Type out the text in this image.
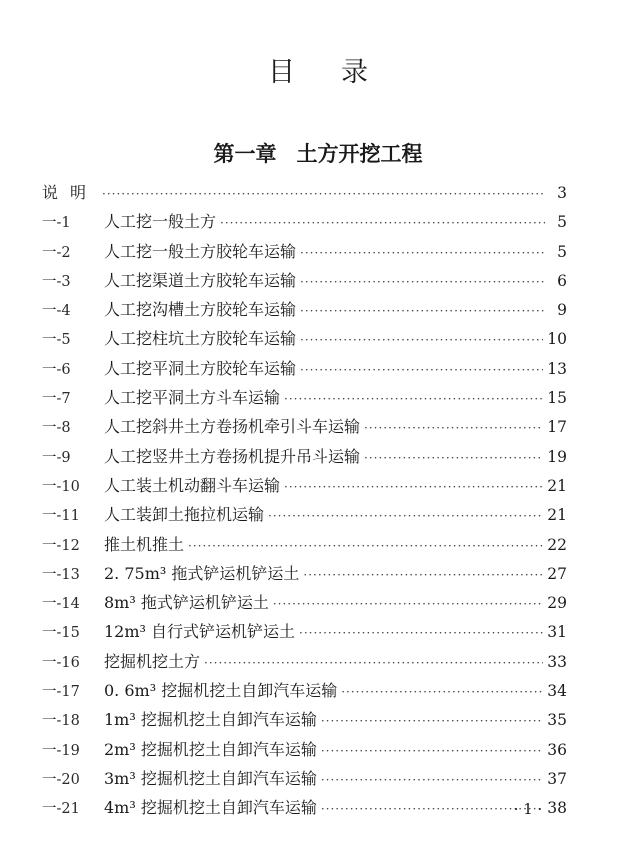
目 录
第一章 土方开挖工程
说明 ·····	3
一-1	人工挖一般土方 ·····	5
一-2	人工挖一般土方胶轮车运输 ·····	5
一-3	人工挖渠道土方胶轮车运输 ·····	6
一-4	人工挖沟槽土方胶轮车运输 ·····	9
一-5	人工挖柱坑土方胶轮车运输 ·····	10
一-6	人工挖平洞土方胶轮车运输 ·····	13
一-7	人工挖平洞土方斗车运输 ·····	15
一-8	人工挖斜井土方卷扬机牵引斗车运输 ·····	17
一-9	人工挖竖井土方卷扬机提升吊斗运输 ·····	19
一-10	人工装土机动翻斗车运输 ·····	21
一-11	人工装卸土拖拉机运输 ·····	21
一-12	推土机推土 ·····	22
一-13	2. 75m³ 拖式铲运机铲运土 ·····	27
一-14	8m³ 拖式铲运机铲运土 ·····	29
一-15	12m³ 自行式铲运机铲运土 ·····	31
一-16	挖掘机挖土方 ·····	33
一-17	0. 6m³ 挖掘机挖土自卸汽车运输 ·····	34
一-18	1m³ 挖掘机挖土自卸汽车运输 ·····	35
一-19	2m³ 挖掘机挖土自卸汽车运输 ·····	36
一-20	3m³ 挖掘机挖土自卸汽车运输 ·····	37
一-21	4m³ 挖掘机挖土自卸汽车运输 ·····	38
· 1 ·
